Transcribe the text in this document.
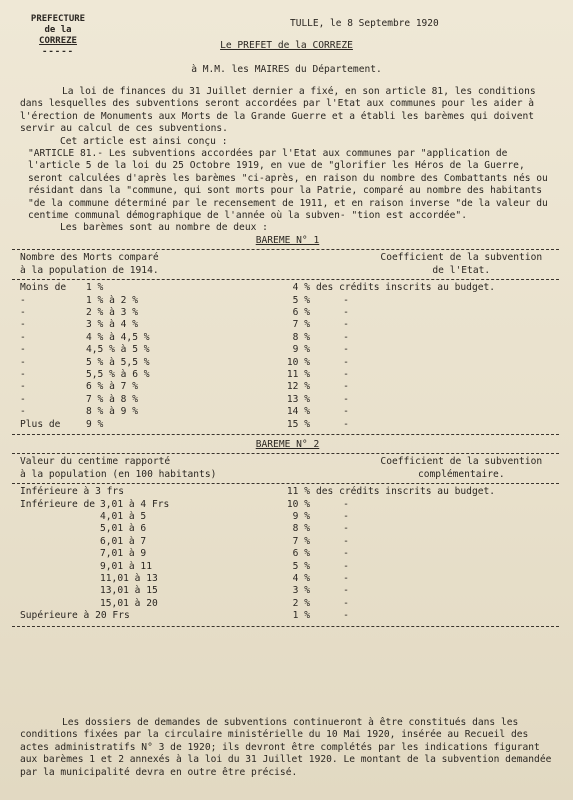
PREFECTURE
de la
CORREZE
-----
TULLE, le 8 Septembre 1920
Le PREFET de la CORREZE
à M.M. les MAIRES du Département.

La loi de finances du 31 Juillet dernier a fixé, en son article 81, les conditions dans lesquelles des subventions seront accordées par l'Etat aux communes pour les aider à l'érection de Monuments aux Morts de la Grande Guerre et a établi les barèmes qui doivent servir au calcul de ces subventions.

Cet article est ainsi conçu :

"ARTICLE 81.- Les subventions accordées par l'Etat aux communes par "application de l'article 5 de la loi du 25 Octobre 1919, en vue de "glorifier les Héros de la Guerre, seront calculées d'après les barèmes "ci-après, en raison du nombre des Combattants nés ou résidant dans la "commune, qui sont morts pour la Patrie, comparé au nombre des habitants "de la commune déterminé par le recensement de 1911, et en raison inverse "de la valeur du centime communal démographique de l'année où la subven- "tion est accordée".

Les barèmes sont au nombre de deux :

BAREME N° 1
Nombre des Morts comparé
à la population de 1914.	Coefficient de la subvention
de l'Etat.
Moins de	1 %	4 %	des crédits inscrits au budget.
-	1 % à 2 %	5 %	-
-	2 % à 3 %	6 %	-
-	3 % à 4 %	7 %	-
-	4 % à 4,5 %	8 %	-
-	4,5 % à 5 %	9 %	-
-	5 % à 5,5 %	10 %	-
-	5,5 % à 6 %	11 %	-
-	6 % à 7 %	12 %	-
-	7 % à 8 %	13 %	-
-	8 % à 9 %	14 %	-
Plus de	9 %	15 %	-
BAREME N° 2
Valeur du centime rapporté
à la population (en 100 habitants)	Coefficient de la subvention
complémentaire.
Inférieure à 3 frs		11 %	des crédits inscrits au budget.
Inférieure de	3,01 à 4 Frs	10 %	-
	4,01 à 5	9 %	-
	5,01 à 6	8 %	-
	6,01 à 7	7 %	-
	7,01 à 9	6 %	-
	9,01 à 11	5 %	-
	11,01 à 13	4 %	-
	13,01 à 15	3 %	-
	15,01 à 20	2 %	-
Supérieure à 20 Frs		1 %	-

Les dossiers de demandes de subventions continueront à être constitués dans les conditions fixées par la circulaire ministérielle du 10 Mai 1920, insérée au Recueil des actes administratifs N° 3 de 1920; ils devront être complétés par les indications figurant aux barèmes 1 et 2 annexés à la loi du 31 Juillet 1920. Le montant de la subvention demandée par la municipalité devra en outre être précisé.
